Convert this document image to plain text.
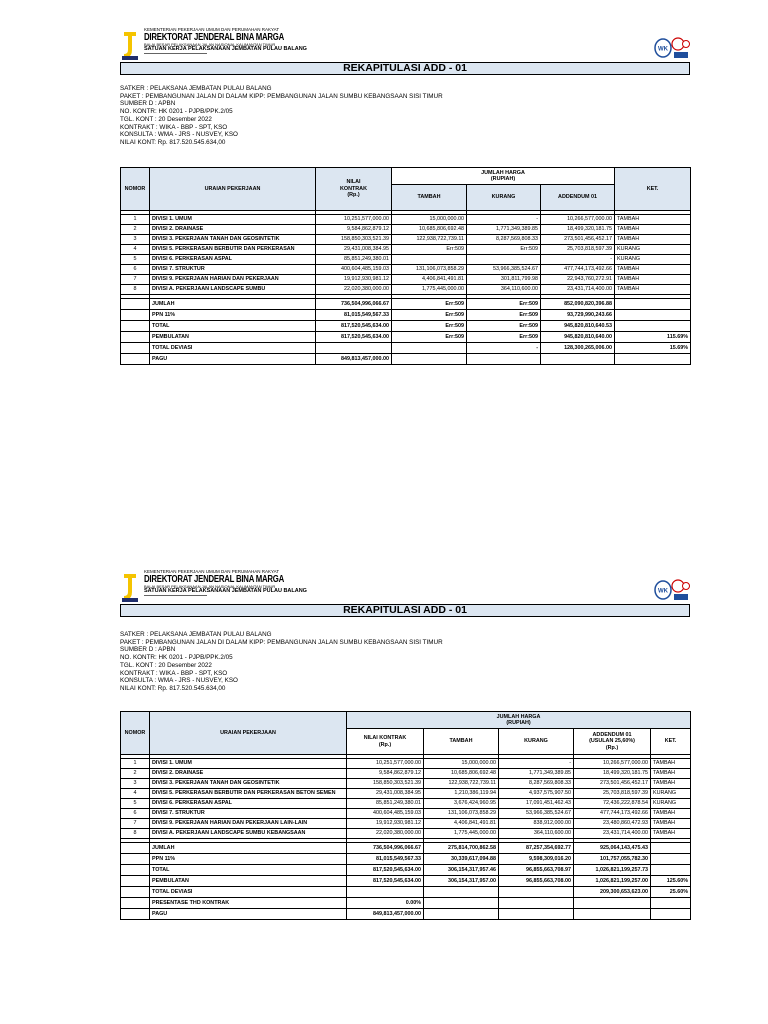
KEMENTERIAN PEKERJAAN UMUM DAN PERUMAHAN RAKYAT
DIREKTORAT JENDERAL BINA MARGA
BALAI BESAR PELAKSANAAN JALAN NASIONAL KALIMANTAN TIMUR
SATUAN KERJA PELAKSANAAN JEMBATAN PULAU BALANG
▬▬▬▬▬▬▬▬▬▬▬▬▬▬▬▬▬▬▬▬▬
WK
REKAPITULASI ADD - 01
SATKER : PELAKSANA JEMBATAN PULAU BALANG
PAKET : PEMBANGUNAN JALAN DI DALAM KIPP: PEMBANGUNAN JALAN SUMBU KEBANGSAAN SISI TIMUR
SUMBER D : APBN
NO. KONTR: HK 0201 - PJPB/PPK.2/05
TGL. KONT : 20 Desember 2022
KONTRAKT : WIKA - BBP - SPT, KSO
KONSULTA : WMA - JRS - NUSVEY, KSO
NILAI KONT: Rp. 817.520.545.634,00
NOMOR	URAIAN PEKERJAAN	NILAI
KONTRAK
(Rp.)	JUMLAH HARGA
(RUPIAH)			KET.
			TAMBAH	KURANG	ADDENDUM 01	

1	DIVISI 1. UMUM	10,251,577,000.00	15,000,000.00	-	10,266,577,000.00	TAMBAH
2	DIVISI 2. DRAINASE	9,584,862,879.12	10,685,806,692.48	1,771,349,389.85	18,499,320,181.75	TAMBAH
3	DIVISI 3. PEKERJAAN TANAH DAN GEOSINTETIK	158,850,303,521.39	122,938,722,739.11	8,287,569,808.33	273,501,456,452.17	TAMBAH
4	DIVISI 5. PERKERASAN BERBUTIR DAN PERKERASAN	29,431,008,384.95	Err:509	Err:509	25,703,818,597.39	KURANG
5	DIVISI 6. PERKERASAN ASPAL	85,851,249,380.01			-	KURANG
6	DIVISI 7. STRUKTUR	400,604,485,159.03	131,106,073,858.29	53,966,385,524.67	477,744,173,492.66	TAMBAH
7	DIVISI 9. PEKERJAAN HARIAN DAN PEKERJAAN	19,912,930,981.12	4,406,841,491.81	301,811,799.98	22,943,760,272.91	TAMBAH
8	DIVISI A. PEKERJAAN LANDSCAPE SUMBU	22,020,380,000.00	1,775,445,000.00	364,110,600.00	23,431,714,400.00	TAMBAH

	JUMLAH	736,504,996,066.67	Err:509	Err:509	852,090,820,396.88	
	PPN 11%	81,015,549,567.33	Err:509	Err:509	93,729,990,243.66	
	TOTAL	817,520,545,634.00	Err:509	Err:509	945,820,810,640.53	
	PEMBULATAN	817,520,545,634.00	Err:509	Err:509	945,820,810,640.00	115.69%
	TOTAL DEVIASI			-	128,300,265,006.00	15.69%
	PAGU	849,813,457,000.00				
KEMENTERIAN PEKERJAAN UMUM DAN PERUMAHAN RAKYAT
DIREKTORAT JENDERAL BINA MARGA
BALAI BESAR PELAKSANAAN JALAN NASIONAL KALIMANTAN TIMUR
SATUAN KERJA PELAKSANAAN JEMBATAN PULAU BALANG
▬▬▬▬▬▬▬▬▬▬▬▬▬▬▬▬▬▬▬▬▬
WK
REKAPITULASI ADD - 01
SATKER : PELAKSANA JEMBATAN PULAU BALANG
PAKET : PEMBANGUNAN JALAN DI DALAM KIPP: PEMBANGUNAN JALAN SUMBU KEBANGSAAN SISI TIMUR
SUMBER D : APBN
NO. KONTR: HK 0201 - PJPB/PPK.2/05
TGL. KONT : 20 Desember 2022
KONTRAKT : WIKA - BBP - SPT, KSO
KONSULTA : WMA - JRS - NUSVEY, KSO
NILAI KONT: Rp. 817.520.545.634,00
NOMOR	URAIAN PEKERJAAN	JUMLAH HARGA
(RUPIAH)				
		NILAI KONTRAK
(Rp.)	TAMBAH	KURANG	ADDENDUM 01
(USULAN 25,60%)
(Rp.)	KET.

1	DIVISI 1. UMUM	10,251,577,000.00	15,000,000.00	-	10,266,577,000.00	TAMBAH
2	DIVISI 2. DRAINASE	9,584,862,879.12	10,685,806,692.48	1,771,349,389.85	18,499,320,181.75	TAMBAH
3	DIVISI 3. PEKERJAAN TANAH DAN GEOSINTETIK	158,850,303,521.39	122,938,722,739.11	8,287,569,808.33	273,501,456,452.17	TAMBAH
4	DIVISI 5. PERKERASAN BERBUTIR DAN PERKERASAN BETON SEMEN	29,431,008,384.95	1,210,386,119.94	4,937,575,907.50	25,703,818,597.39	KURANG
5	DIVISI 6. PERKERASAN ASPAL	85,851,249,380.01	3,676,424,960.95	17,091,451,462.43	72,436,222,878.54	KURANG
6	DIVISI 7. STRUKTUR	400,604,485,159.03	131,106,073,858.29	53,966,385,524.67	477,744,173,492.66	TAMBAH
7	DIVISI 9. PEKERJAAN HARIAN DAN PEKERJAAN LAIN-LAIN	19,912,930,981.12	4,406,841,491.81	838,912,000.00	23,480,860,472.93	TAMBAH
8	DIVISI A. PEKERJAAN LANDSCAPE SUMBU KEBANGSAAN	22,020,380,000.00	1,775,445,000.00	364,110,600.00	23,431,714,400.00	TAMBAH

	JUMLAH	736,504,996,066.67	275,814,700,862.58	87,257,354,692.77	925,064,143,475.43	
	PPN 11%	81,015,549,567.33	30,339,617,094.88	9,598,309,016.20	101,757,055,782.30	
	TOTAL	817,520,545,634.00	306,154,317,957.46	96,855,663,708.97	1,026,821,199,257.73	
	PEMBULATAN	817,520,545,634.00	306,154,317,957.00	96,855,663,708.00	1,026,821,199,257.00	125.60%
	TOTAL DEVIASI				209,300,653,623.00	25.60%
	PRESENTASE THD KONTRAK	0.00%				
	PAGU	849,813,457,000.00				
